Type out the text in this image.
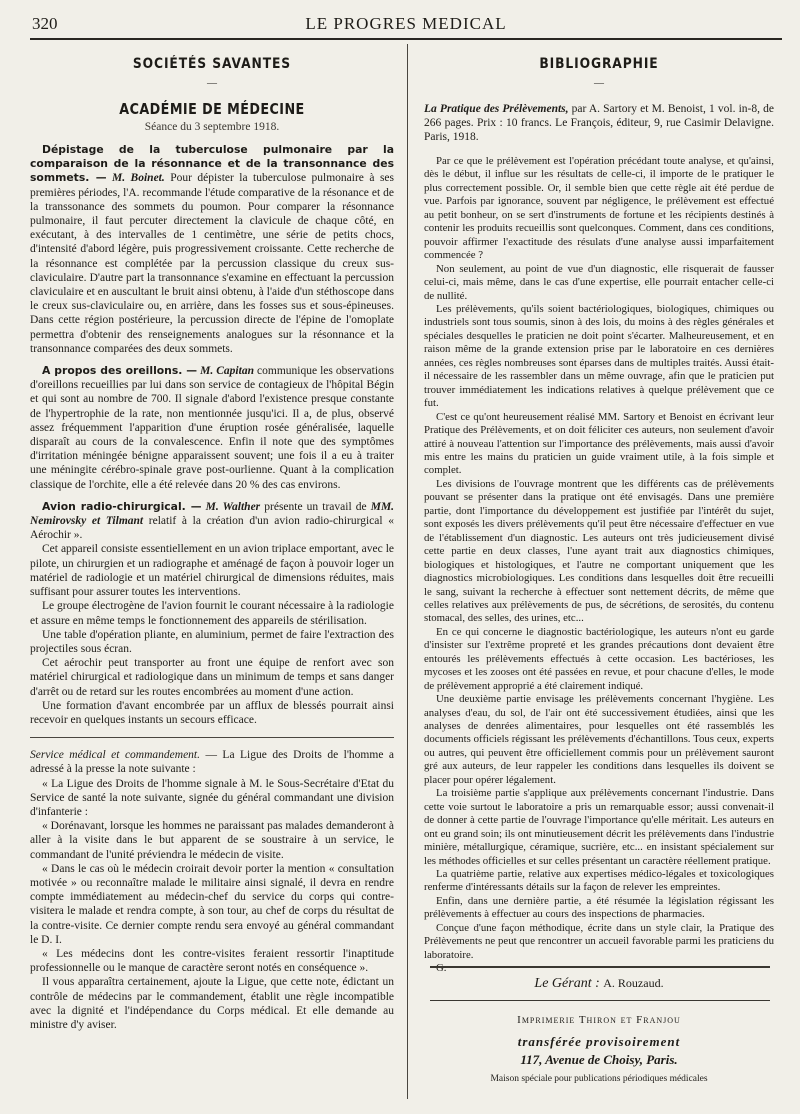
320	LE PROGRES MEDICAL
SOCIÉTÉS SAVANTES
—
ACADÉMIE DE MÉDECINE
Séance du 3 septembre 1918.

Dépistage de la tuberculose pulmonaire par la comparaison de la résonnance et de la transonnance des sommets. — M. Boinet. Pour dépister la tuberculose pulmonaire à ses premières périodes, l'A. recommande l'étude comparative de la résonance et de la transsonance des sommets du poumon. Pour comparer la résonnance pulmonaire, il faut percuter directement la clavicule de chaque côté, en exécutant, à des intervalles de 1 centimètre, une série de petits chocs, d'intensité d'abord légère, puis progressivement croissante. Cette recherche de la résonnance est complétée par la percussion classique du creux sus-claviculaire. D'autre part la transonnance s'examine en effectuant la percussion claviculaire et en auscultant le bruit ainsi obtenu, à l'aide d'un stéthoscope dans le creux sus-claviculaire ou, en arrière, dans les fosses sus et sous-épineuses. Dans cette région postérieure, la percussion directe de l'épine de l'omoplate permettra d'obtenir des renseignements analogues sur la résonnance et la transonnance comparées des deux sommets.

A propos des oreillons. — M. Capitan communique les observations d'oreillons recueillies par lui dans son service de contagieux de l'hôpital Bégin et qui sont au nombre de 700. Il signale d'abord l'existence presque constante de l'hypertrophie de la rate, non mentionnée jusqu'ici. Il a, de plus, observé assez fréquemment l'apparition d'une éruption rosée généralisée, laquelle disparaît au cours de la convalescence. Enfin il note que des symptômes d'irritation méningée bénigne apparaissent souvent; une fois il a eu à traiter une méningite cérébro-spinale grave post-ourlienne. Quant à la complication classique de l'orchite, elle a été relevée dans 20 % des cas environs.

Avion radio-chirurgical. — M. Walther présente un travail de MM. Nemirovsky et Tilmant relatif à la création d'un avion radio-chirurgical « Aérochir ».

Cet appareil consiste essentiellement en un avion triplace emportant, avec le pilote, un chirurgien et un radiographe et aménagé de façon à pouvoir loger un matériel de radiologie et un matériel chirurgical de dimensions réduites, mais suffisant pour assurer toutes les interventions.

Le groupe électrogène de l'avion fournit le courant nécessaire à la radiologie et assure en même temps le fonctionnement des appareils de stérilisation.

Une table d'opération pliante, en aluminium, permet de faire l'extraction des projectiles sous écran.

Cet aérochir peut transporter au front une équipe de renfort avec son matériel chirurgical et radiologique dans un minimum de temps et sans danger d'arrêt ou de retard sur les routes encombrées au moment d'une action.

Une formation d'avant encombrée par un afflux de blessés pourrait ainsi recevoir en quelques instants un secours efficace.

Service médical et commandement. — La Ligue des Droits de l'homme a adressé à la presse la note suivante :

« La Ligue des Droits de l'homme signale à M. le Sous-Secrétaire d'Etat du Service de santé la note suivante, signée du général commandant une division d'infanterie :

« Dorénavant, lorsque les hommes ne paraissant pas malades demanderont à aller à la visite dans le but apparent de se soustraire à un service, le commandant de l'unité préviendra le médecin de visite.

« Dans le cas où le médecin croirait devoir porter la mention « consultation motivée » ou reconnaître malade le militaire ainsi signalé, il devra en rendre compte immédiatement au médecin-chef du service du corps qui contre-visitera le malade et rendra compte, à son tour, au chef de corps du résultat de la contre-visite. Ce dernier compte rendu sera envoyé au général commandant le D. I.

« Les médecins dont les contre-visites feraient ressortir l'inaptitude professionnelle ou le manque de caractère seront notés en conséquence ».

Il vous apparaîtra certainement, ajoute la Ligue, que cette note, édictant un contrôle de médecins par le commandement, établit une règle incompatible avec la dignité et l'indépendance du Corps médical. Et elle demande au ministre d'y aviser.

BIBLIOGRAPHIE
—

La Pratique des Prélèvements, par A. Sartory et M. Benoist, 1 vol. in-8, de 266 pages. Prix : 10 francs. Le François, éditeur, 9, rue Casimir Delavigne. Paris, 1918.

Par ce que le prélèvement est l'opération précédant toute analyse, et qu'ainsi, dès le début, il influe sur les résultats de celle-ci, il importe de le pratiquer le plus correctement possible. Or, il semble bien que cette règle ait été perdue de vue. Parfois par ignorance, souvent par négligence, le prélèvement est effectué au petit bonheur, on se sert d'instruments de fortune et les récipients destinés à contenir les produits recueillis sont quelconques. Comment, dans ces conditions, pouvoir affirmer l'exactitude des résulats d'une analyse aussi imparfaitement commencée ?

Non seulement, au point de vue d'un diagnostic, elle risquerait de fausser celui-ci, mais même, dans le cas d'une expertise, elle pourrait entacher celle-ci de nullité.

Les prélèvements, qu'ils soient bactériologiques, biologiques, chimiques ou industriels sont tous soumis, sinon à des lois, du moins à des règles générales et spéciales desquelles le praticien ne doit point s'écarter. Malheureusement, et en raison même de la grande extension prise par le laboratoire en ces dernières années, ces règles nombreuses sont éparses dans de multiples traités. Aussi était-il nécessaire de les rassembler dans un même ouvrage, afin que le praticien put trouver immédiatement les indications relatives à quelque prélèvement que ce fut.

C'est ce qu'ont heureusement réalisé MM. Sartory et Benoist en écrivant leur Pratique des Prélèvements, et on doit féliciter ces auteurs, non seulement d'avoir attiré à nouveau l'attention sur l'importance des prélèvements, mais aussi d'avoir mis entre les mains du praticien un guide vraiment utile, à la fois simple et complet.

Les divisions de l'ouvrage montrent que les différents cas de prélèvements pouvant se présenter dans la pratique ont été envisagés. Dans une première partie, dont l'importance du développement est justifiée par l'intérêt du sujet, sont exposés les divers prélèvements qu'il peut être nécessaire d'effectuer en vue de l'établissement d'un diagnostic. Les auteurs ont très judicieusement divisé cette partie en deux classes, l'une ayant trait aux diagnostics chimiques, biologiques et histologiques, et l'autre ne comportant uniquement que les diagnostics microbiologiques. Les conditions dans lesquelles doit être recueilli le sang, suivant la recherche à effectuer sont nettement décrits, de même que celles relatives aux prélèvements de pus, de sécrétions, de serosités, du contenu stomacal, des selles, des urines, etc...

En ce qui concerne le diagnostic bactériologique, les auteurs n'ont eu garde d'insister sur l'extrême propreté et les grandes précautions dont devaient être entourés les prélèvements effectués à cette occasion. Les bactérioses, les mycoses et les zooses ont été passées en revue, et pour chacune d'elles, le mode de prélèvement approprié a été clairement indiqué.

Une deuxième partie envisage les prélèvements concernant l'hygiène. Les analyses d'eau, du sol, de l'air ont été successivement étudiées, ainsi que les analyses de denrées alimentaires, pour lesquelles ont été rassemblés les documents officiels régissant les prélèvements d'échantillons. Tous ceux, experts ou autres, qui peuvent être officiellement commis pour un prélèvement sauront gré aux auteurs, de leur rappeler les conditions dans lesquelles ils doivent se placer pour opérer légalement.

La troisième partie s'applique aux prélèvements concernant l'industrie. Dans cette voie surtout le laboratoire a pris un remarquable essor; aussi convenait-il de donner à cette partie de l'ouvrage l'importance qu'elle méritait. Les auteurs en ont eu grand soin; ils ont minutieusement décrit les prélèvements dans l'industrie minière, métallurgique, céramique, sucrière, etc... en insistant spécialement sur les méthodes officielles et sur celles présentant un caractère réellement pratique.

La quatrième partie, relative aux expertises médico-légales et toxicologiques renferme d'intéressants détails sur la façon de relever les empreintes.

Enfin, dans une dernière partie, a été résumée la législation régissant les prélèvements à effectuer au cours des inspections de pharmacies.

Conçue d'une façon méthodique, écrite dans un style clair, la Pratique des Prélèvements ne peut que rencontrer un accueil favorable parmi les praticiens du laboratoire.

G.

Le Gérant : A. Rouzaud.
Imprimerie Thiron et Franjou
transférée provisoirement
117, Avenue de Choisy, Paris.
Maison spéciale pour publications périodiques médicales
